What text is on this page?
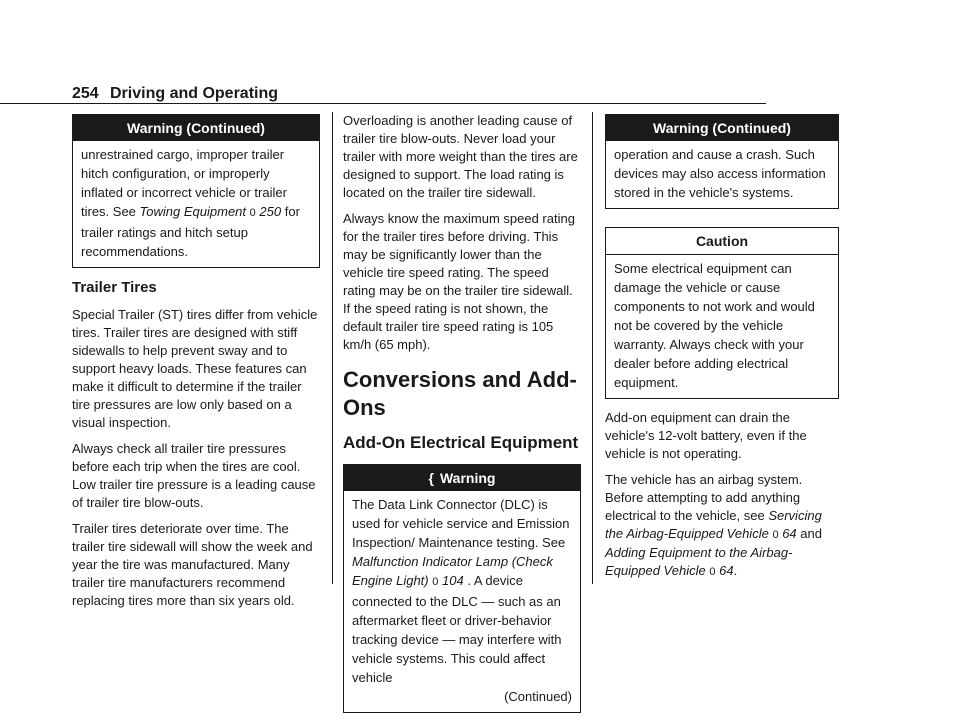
254 Driving and Operating
Warning (Continued)
unrestrained cargo, improper trailer hitch configuration, or improperly inflated or incorrect vehicle or trailer tires. See Towing Equipment 0 250 for trailer ratings and hitch setup recommendations.
Trailer Tires

Special Trailer (ST) tires differ from vehicle tires. Trailer tires are designed with stiff sidewalls to help prevent sway and to support heavy loads. These features can make it difficult to determine if the trailer tire pressures are low only based on a visual inspection.

Always check all trailer tire pressures before each trip when the tires are cool. Low trailer tire pressure is a leading cause of trailer tire blow-outs.

Trailer tires deteriorate over time. The trailer tire sidewall will show the week and year the tire was manufactured. Many trailer tire manufacturers recommend replacing tires more than six years old.

Overloading is another leading cause of trailer tire blow-outs. Never load your trailer with more weight than the tires are designed to support. The load rating is located on the trailer tire sidewall.

Always know the maximum speed rating for the trailer tires before driving. This may be significantly lower than the vehicle tire speed rating. The speed rating may be on the trailer tire sidewall. If the speed rating is not shown, the default trailer tire speed rating is 105 km/h (65 mph).

Conversions and Add-Ons
Add-On Electrical Equipment
{ Warning
The Data Link Connector (DLC) is used for vehicle service and Emission Inspection/ Maintenance testing. See Malfunction Indicator Lamp (Check Engine Light) 0 104 . A device connected to the DLC — such as an aftermarket fleet or driver-behavior tracking device — may interfere with vehicle systems. This could affect vehicle
(Continued)
Warning (Continued)
operation and cause a crash. Such devices may also access information stored in the vehicle's systems.
Caution
Some electrical equipment can damage the vehicle or cause components to not work and would not be covered by the vehicle warranty. Always check with your dealer before adding electrical equipment.

Add-on equipment can drain the vehicle's 12-volt battery, even if the vehicle is not operating.

The vehicle has an airbag system. Before attempting to add anything electrical to the vehicle, see Servicing the Airbag-Equipped Vehicle 0 64 and
Adding Equipment to the Airbag-Equipped Vehicle 0 64.
